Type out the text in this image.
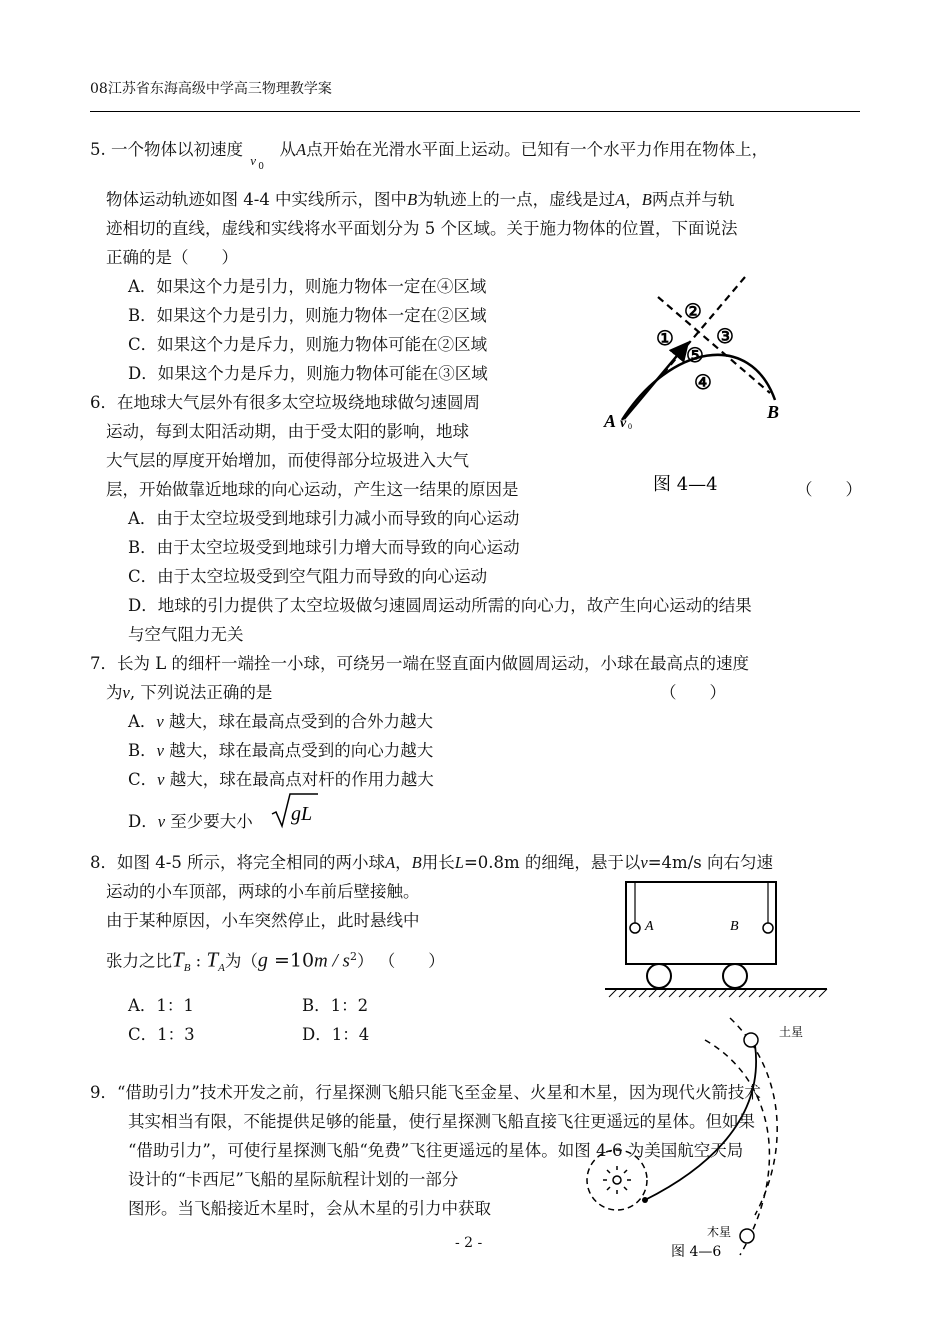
08江苏省东海高级中学高三物理教学案
5. 一个物体以初速度
v 0
从A点开始在光滑水平面上运动。已知有一个水平力作用在物体上，
物体运动轨迹如图 4-4 中实线所示，图中B为轨迹上的一点，虚线是过A，B两点并与轨
迹相切的直线，虚线和实线将水平面划分为 5 个区域。关于施力物体的位置，下面说法
正确的是（　　）
A．如果这个力是引力，则施力物体一定在④区域
B．如果这个力是引力，则施力物体一定在②区域
C．如果这个力是斥力，则施力物体可能在②区域
D．如果这个力是斥力，则施力物体可能在③区域
②
① ③
⑤
④
A v 0
B
图 4—4
6．在地球大气层外有很多太空垃圾绕地球做匀速圆周
运动，每到太阳活动期，由于受太阳的影响，地球
大气层的厚度开始增加，而使得部分垃圾进入大气
层，开始做靠近地球的向心运动，产生这一结果的原因是	（　　）
A．由于太空垃圾受到地球引力减小而导致的向心运动
B．由于太空垃圾受到地球引力增大而导致的向心运动
C．由于太空垃圾受到空气阻力而导致的向心运动
D．地球的引力提供了太空垃圾做匀速圆周运动所需的向心力，故产生向心运动的结果
与空气阻力无关
7．长为 L 的细杆一端拴一小球，可绕另一端在竖直面内做圆周运动，小球在最高点的速度
为v, 下列说法正确的是	（　　）
A．v 越大，球在最高点受到的合外力越大
B．v 越大，球在最高点受到的向心力越大
C．v 越大，球在最高点对杆的作用力越大
D．v 至少要大小 gL
8．如图 4-5 所示，将完全相同的两小球A，B用长L=0.8m 的细绳，悬于以v=4m/s 向右匀速
运动的小车顶部，两球的小车前后壁接触。
由于某种原因，小车突然停止，此时悬线中
张力之比$T_B$ : $T_A$为$(g =10m / s^2)$ （　　）
A．1：1	B．1：2
C．1：3	D．1：4
A	B
土星
木星
图 4—6
9．“借助引力”技术开发之前，行星探测飞船只能飞至金星、火星和木星，因为现代火箭技术
其实相当有限，不能提供足够的能量，使行星探测飞船直接飞往更遥远的星体。但如果
“借助引力”，可使行星探测飞船“免费”飞往更遥远的星体。如图 4-6 为美国航空天局
设计的“卡西尼”飞船的星际航程计划的一部分
图形。当飞船接近木星时，会从木星的引力中获取
- 2 -
